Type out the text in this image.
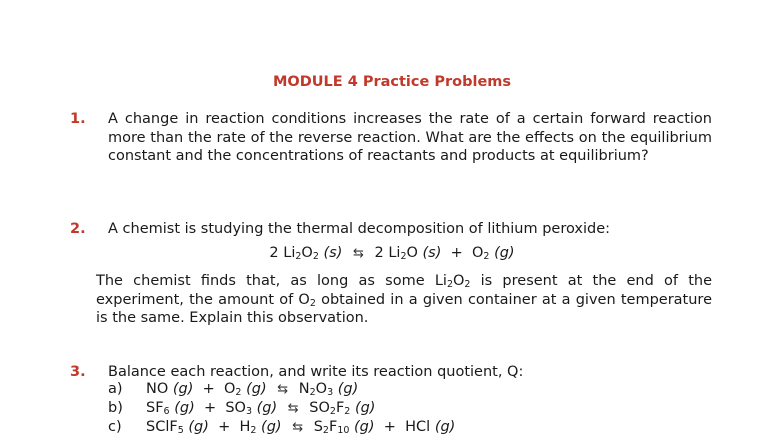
MODULE 4 Practice Problems
1. A change in reaction conditions increases the rate of a certain forward reaction more than the rate of the reverse reaction. What are the effects on the equilibrium constant and the concentrations of reactants and products at equilibrium?

2. A chemist is studying the thermal decomposition of lithium peroxide:

2 $Li_2O_2$ (s) ⇆ 2 $Li_2O$ $(s) + O_2$ (g)

The chemist finds that, as long as some $Li_2O_2$ is present at the end of the experiment, the amount of $O_2$ obtained in a given container at a given temperature is the same. Explain this observation.

3. Balance each reaction, and write its reaction quotient, Q:

a) NO $(g) + O_2$ (g) ⇆ $N_2O_3$ (g)
b) $SF_6$ $(g) + SO_3$ (g) ⇆ $SO_2F_2$ (g)
c) SClF$_5$ $(g) + H_2$ (g) ⇆ $S_2F_{10}$ (g) + HCl (g)
